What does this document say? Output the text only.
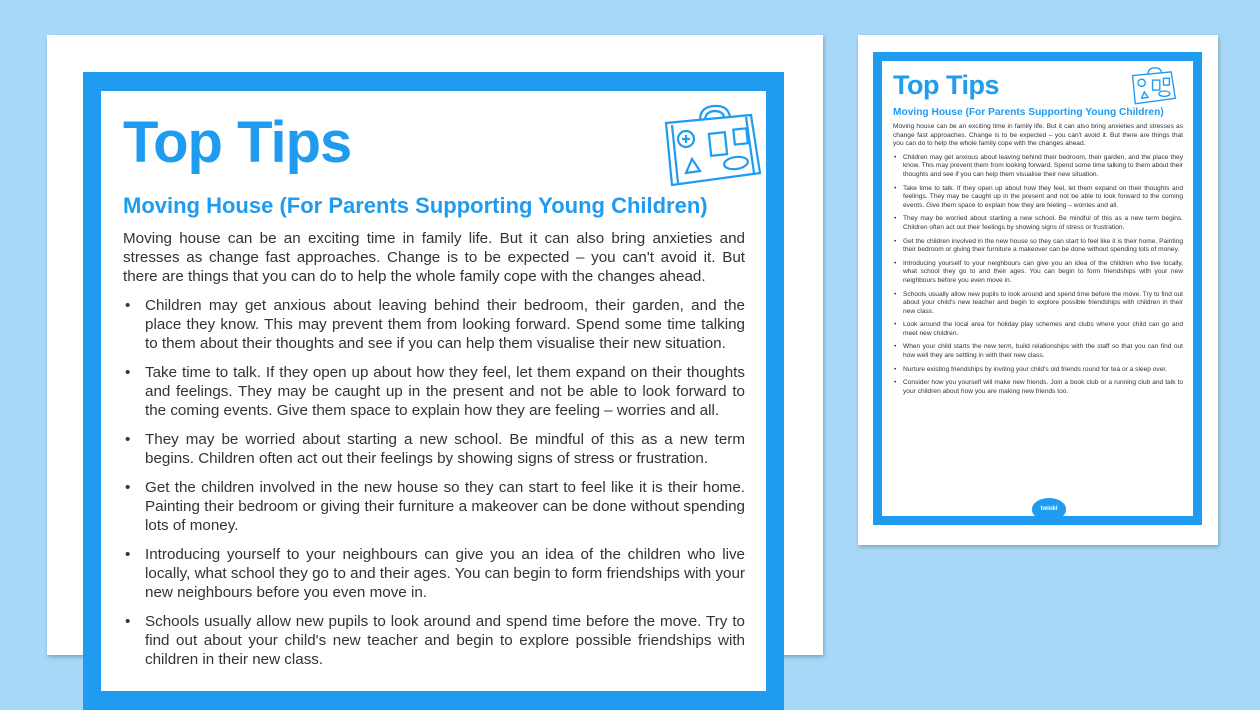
Top Tips
Moving House (For Parents Supporting Young Children)

Moving house can be an exciting time in family life. But it can also bring anxieties and stresses as change fast approaches. Change is to be expected – you can't avoid it. But there are things that you can do to help the whole family cope with the changes ahead.

• Children may get anxious about leaving behind their bedroom, their garden, and the place they know. This may prevent them from looking forward. Spend some time talking to them about their thoughts and see if you can help them visualise their new situation.
• Take time to talk. If they open up about how they feel, let them expand on their thoughts and feelings. They may be caught up in the present and not be able to look forward to the coming events. Give them space to explain how they are feeling – worries and all.
• They may be worried about starting a new school. Be mindful of this as a new term begins. Children often act out their feelings by showing signs of stress or frustration.
• Get the children involved in the new house so they can start to feel like it is their home. Painting their bedroom or giving their furniture a makeover can be done without spending lots of money.
• Introducing yourself to your neighbours can give you an idea of the children who live locally, what school they go to and their ages. You can begin to form friendships with your new neighbours before you even move in.
• Schools usually allow new pupils to look around and spend time before the move. Try to find out about your child's new teacher and begin to explore possible friendships with children in their new class.
Top Tips
Moving House (For Parents Supporting Young Children)

Moving house can be an exciting time in family life. But it can also bring anxieties and stresses as change fast approaches. Change is to be expected – you can't avoid it. But there are things that you can do to help the whole family cope with the changes ahead.

• Children may get anxious about leaving behind their bedroom, their garden, and the place they know. This may prevent them from looking forward. Spend some time talking to them about their thoughts and see if you can help them visualise their new situation.
• Take time to talk. If they open up about how they feel, let them expand on their thoughts and feelings. They may be caught up in the present and not be able to look forward to the coming events. Give them space to explain how they are feeling – worries and all.
• They may be worried about starting a new school. Be mindful of this as a new term begins. Children often act out their feelings by showing signs of stress or frustration.
• Get the children involved in the new house so they can start to feel like it is their home. Painting their bedroom or giving their furniture a makeover can be done without spending lots of money.
• Introducing yourself to your neighbours can give you an idea of the children who live locally, what school they go to and their ages. You can begin to form friendships with your new neighbours before you even move in.
• Schools usually allow new pupils to look around and spend time before the move. Try to find out about your child's new teacher and begin to explore possible friendships with children in their new class.
• Look around the local area for holiday play schemes and clubs where your child can go and meet new children.
• When your child starts the new term, build relationships with the staff so that you can find out how well they are settling in with their new class.
• Nurture existing friendships by inviting your child's old friends round for tea or a sleep over.
• Consider how you yourself will make new friends. Join a book club or a running club and talk to your children about how you are making new friends too.
twinkl
